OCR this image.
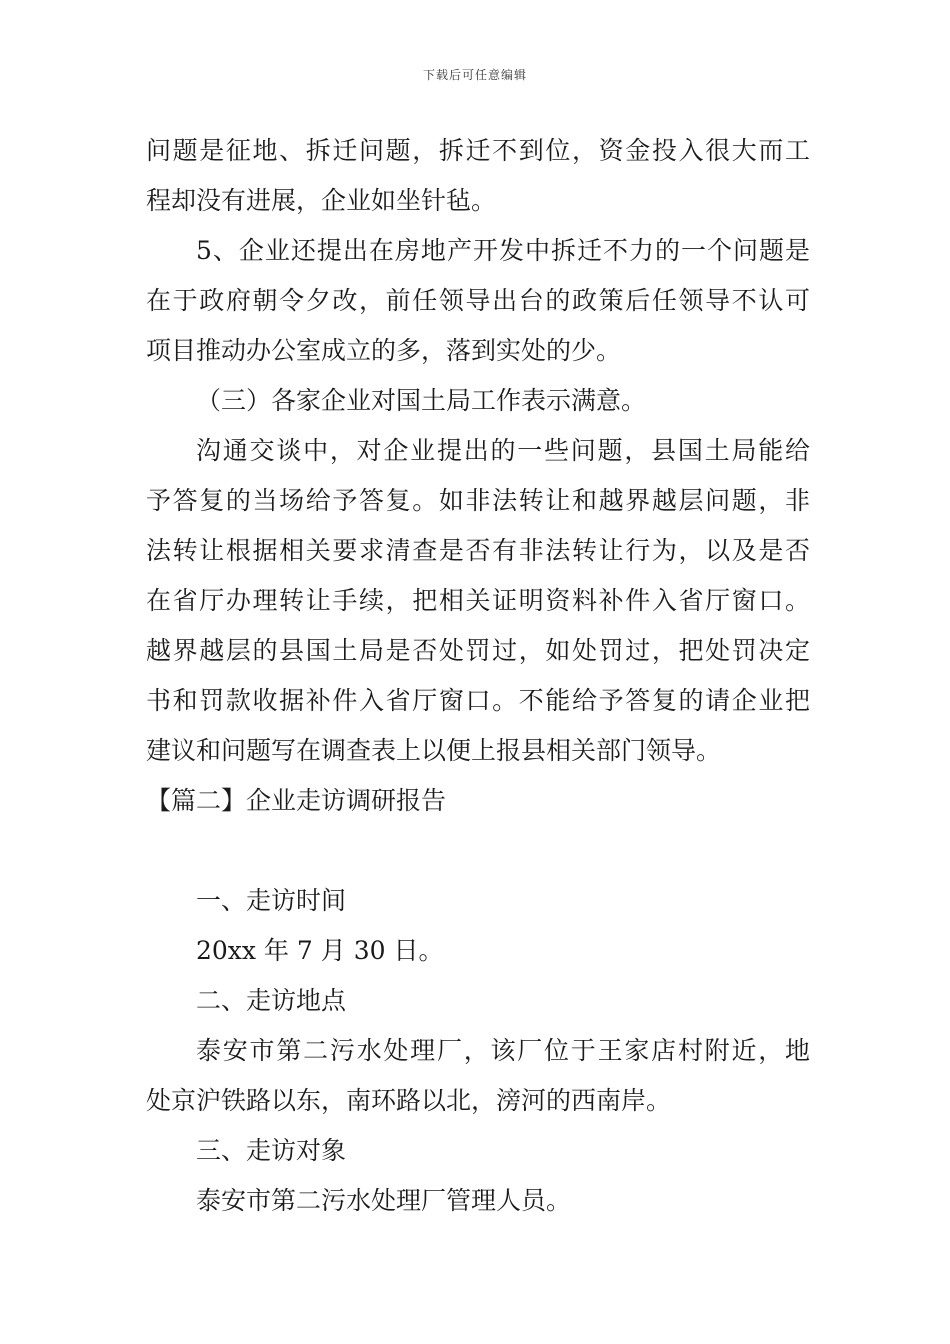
下载后可任意编辑
问题是征地、拆迁问题，拆迁不到位，资金投入很大而工
程却没有进展，企业如坐针毡。
5、企业还提出在房地产开发中拆迁不力的一个问题是
在于政府朝令夕改，前任领导出台的政策后任领导不认可
项目推动办公室成立的多，落到实处的少。
（三）各家企业对国土局工作表示满意。
沟通交谈中，对企业提出的一些问题，县国土局能给
予答复的当场给予答复。如非法转让和越界越层问题，非
法转让根据相关要求清查是否有非法转让行为，以及是否
在省厅办理转让手续，把相关证明资料补件入省厅窗口。
越界越层的县国土局是否处罚过，如处罚过，把处罚决定
书和罚款收据补件入省厅窗口。不能给予答复的请企业把
建议和问题写在调查表上以便上报县相关部门领导。
【篇二】企业走访调研报告
一、走访时间
20xx 年 7 月 30 日。
二、走访地点
泰安市第二污水处理厂，该厂位于王家店村附近，地
处京沪铁路以东，南环路以北，滂河的西南岸。
三、走访对象
泰安市第二污水处理厂管理人员。
